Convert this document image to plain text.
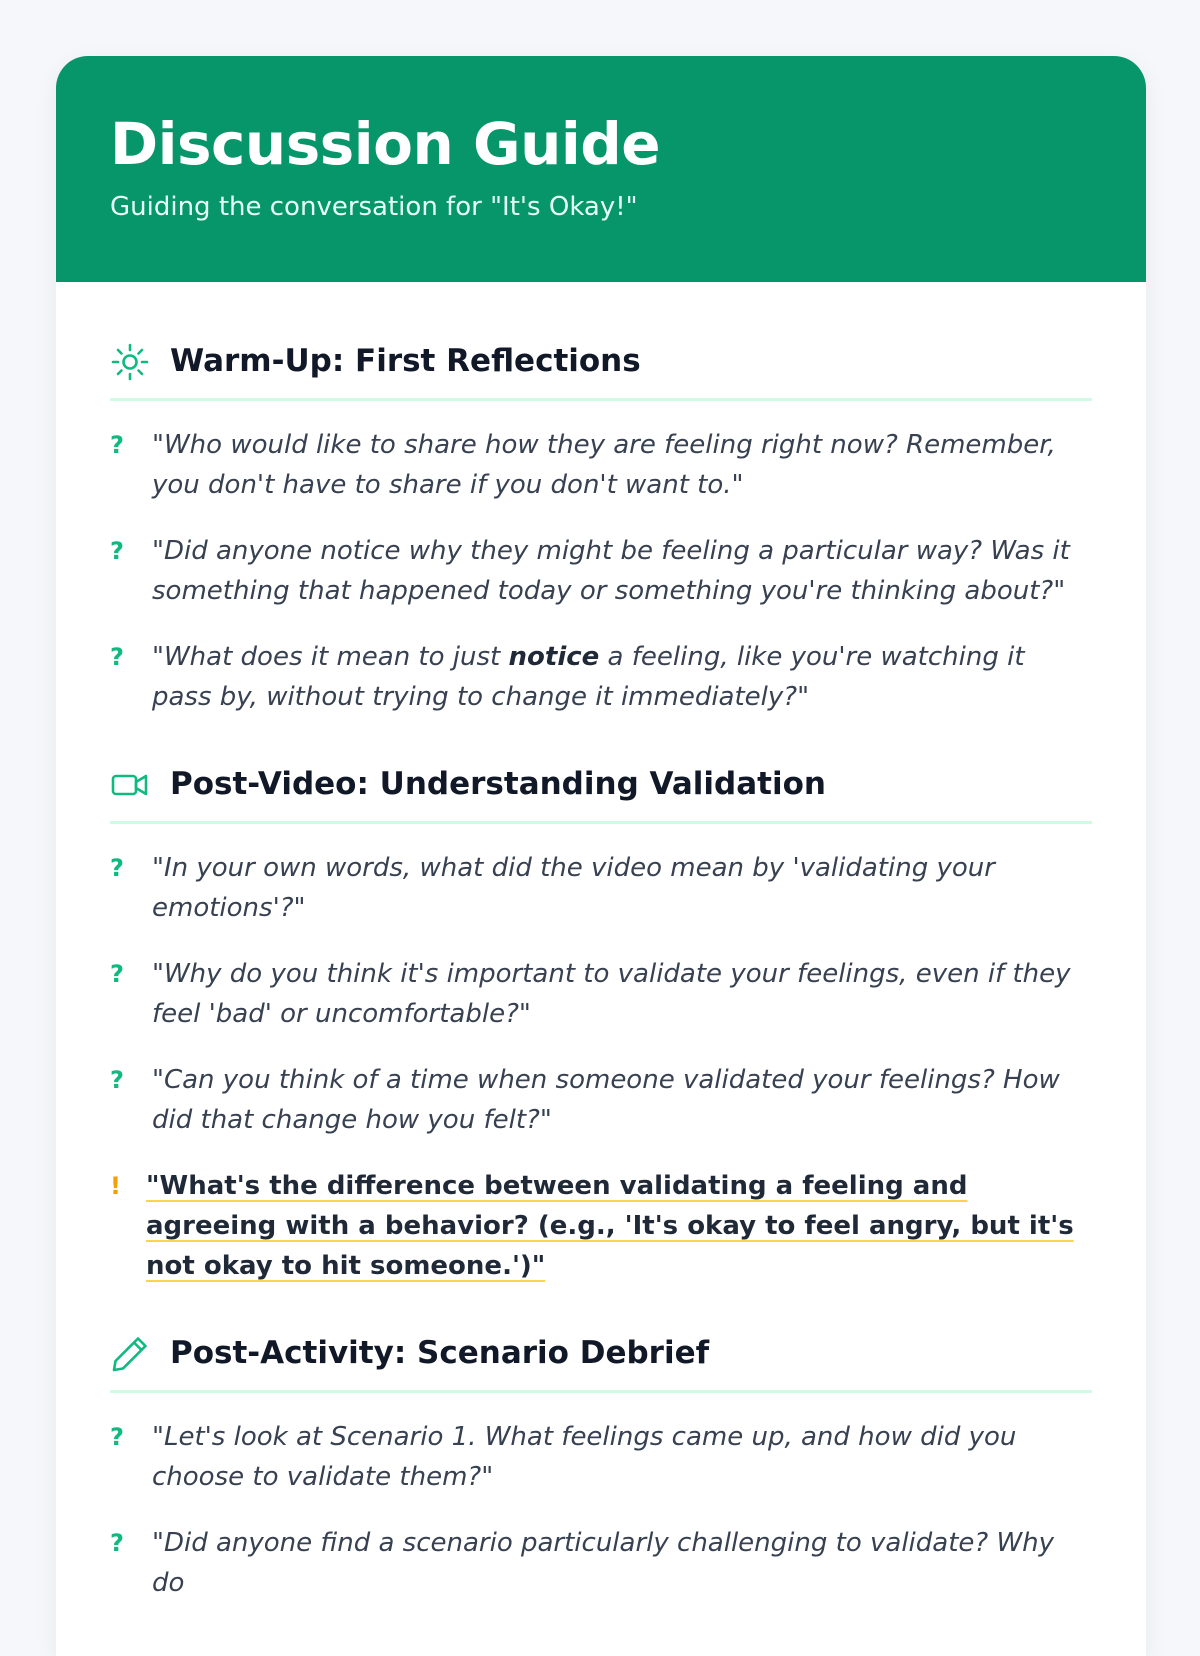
Discussion Guide

Guiding the conversation for "It's Okay!"

Warm-Up: First Reflections
?	"Who would like to share how they are feeling right now? Remember, you don't have to share if you don't want to."
?	"Did anyone notice why they might be feeling a particular way? Was it something that happened today or something you're thinking about?"
?	"What does it mean to just notice a feeling, like you're watching it pass by, without trying to change it immediately?"
Post-Video: Understanding Validation
?	"In your own words, what did the video mean by 'validating your emotions'?"
?	"Why do you think it's important to validate your feelings, even if they feel 'bad' or uncomfortable?"
?	"Can you think of a time when someone validated your feelings? How did that change how you felt?"
! "What's the difference between validating a feeling and agreeing with a behavior? (e.g., 'It's okay to feel angry, but it's not okay to hit someone.')"
Post-Activity: Scenario Debrief
?	"Let's look at Scenario 1. What feelings came up, and how did you choose to validate them?"
?	"Did anyone find a scenario particularly challenging to validate? Why do
